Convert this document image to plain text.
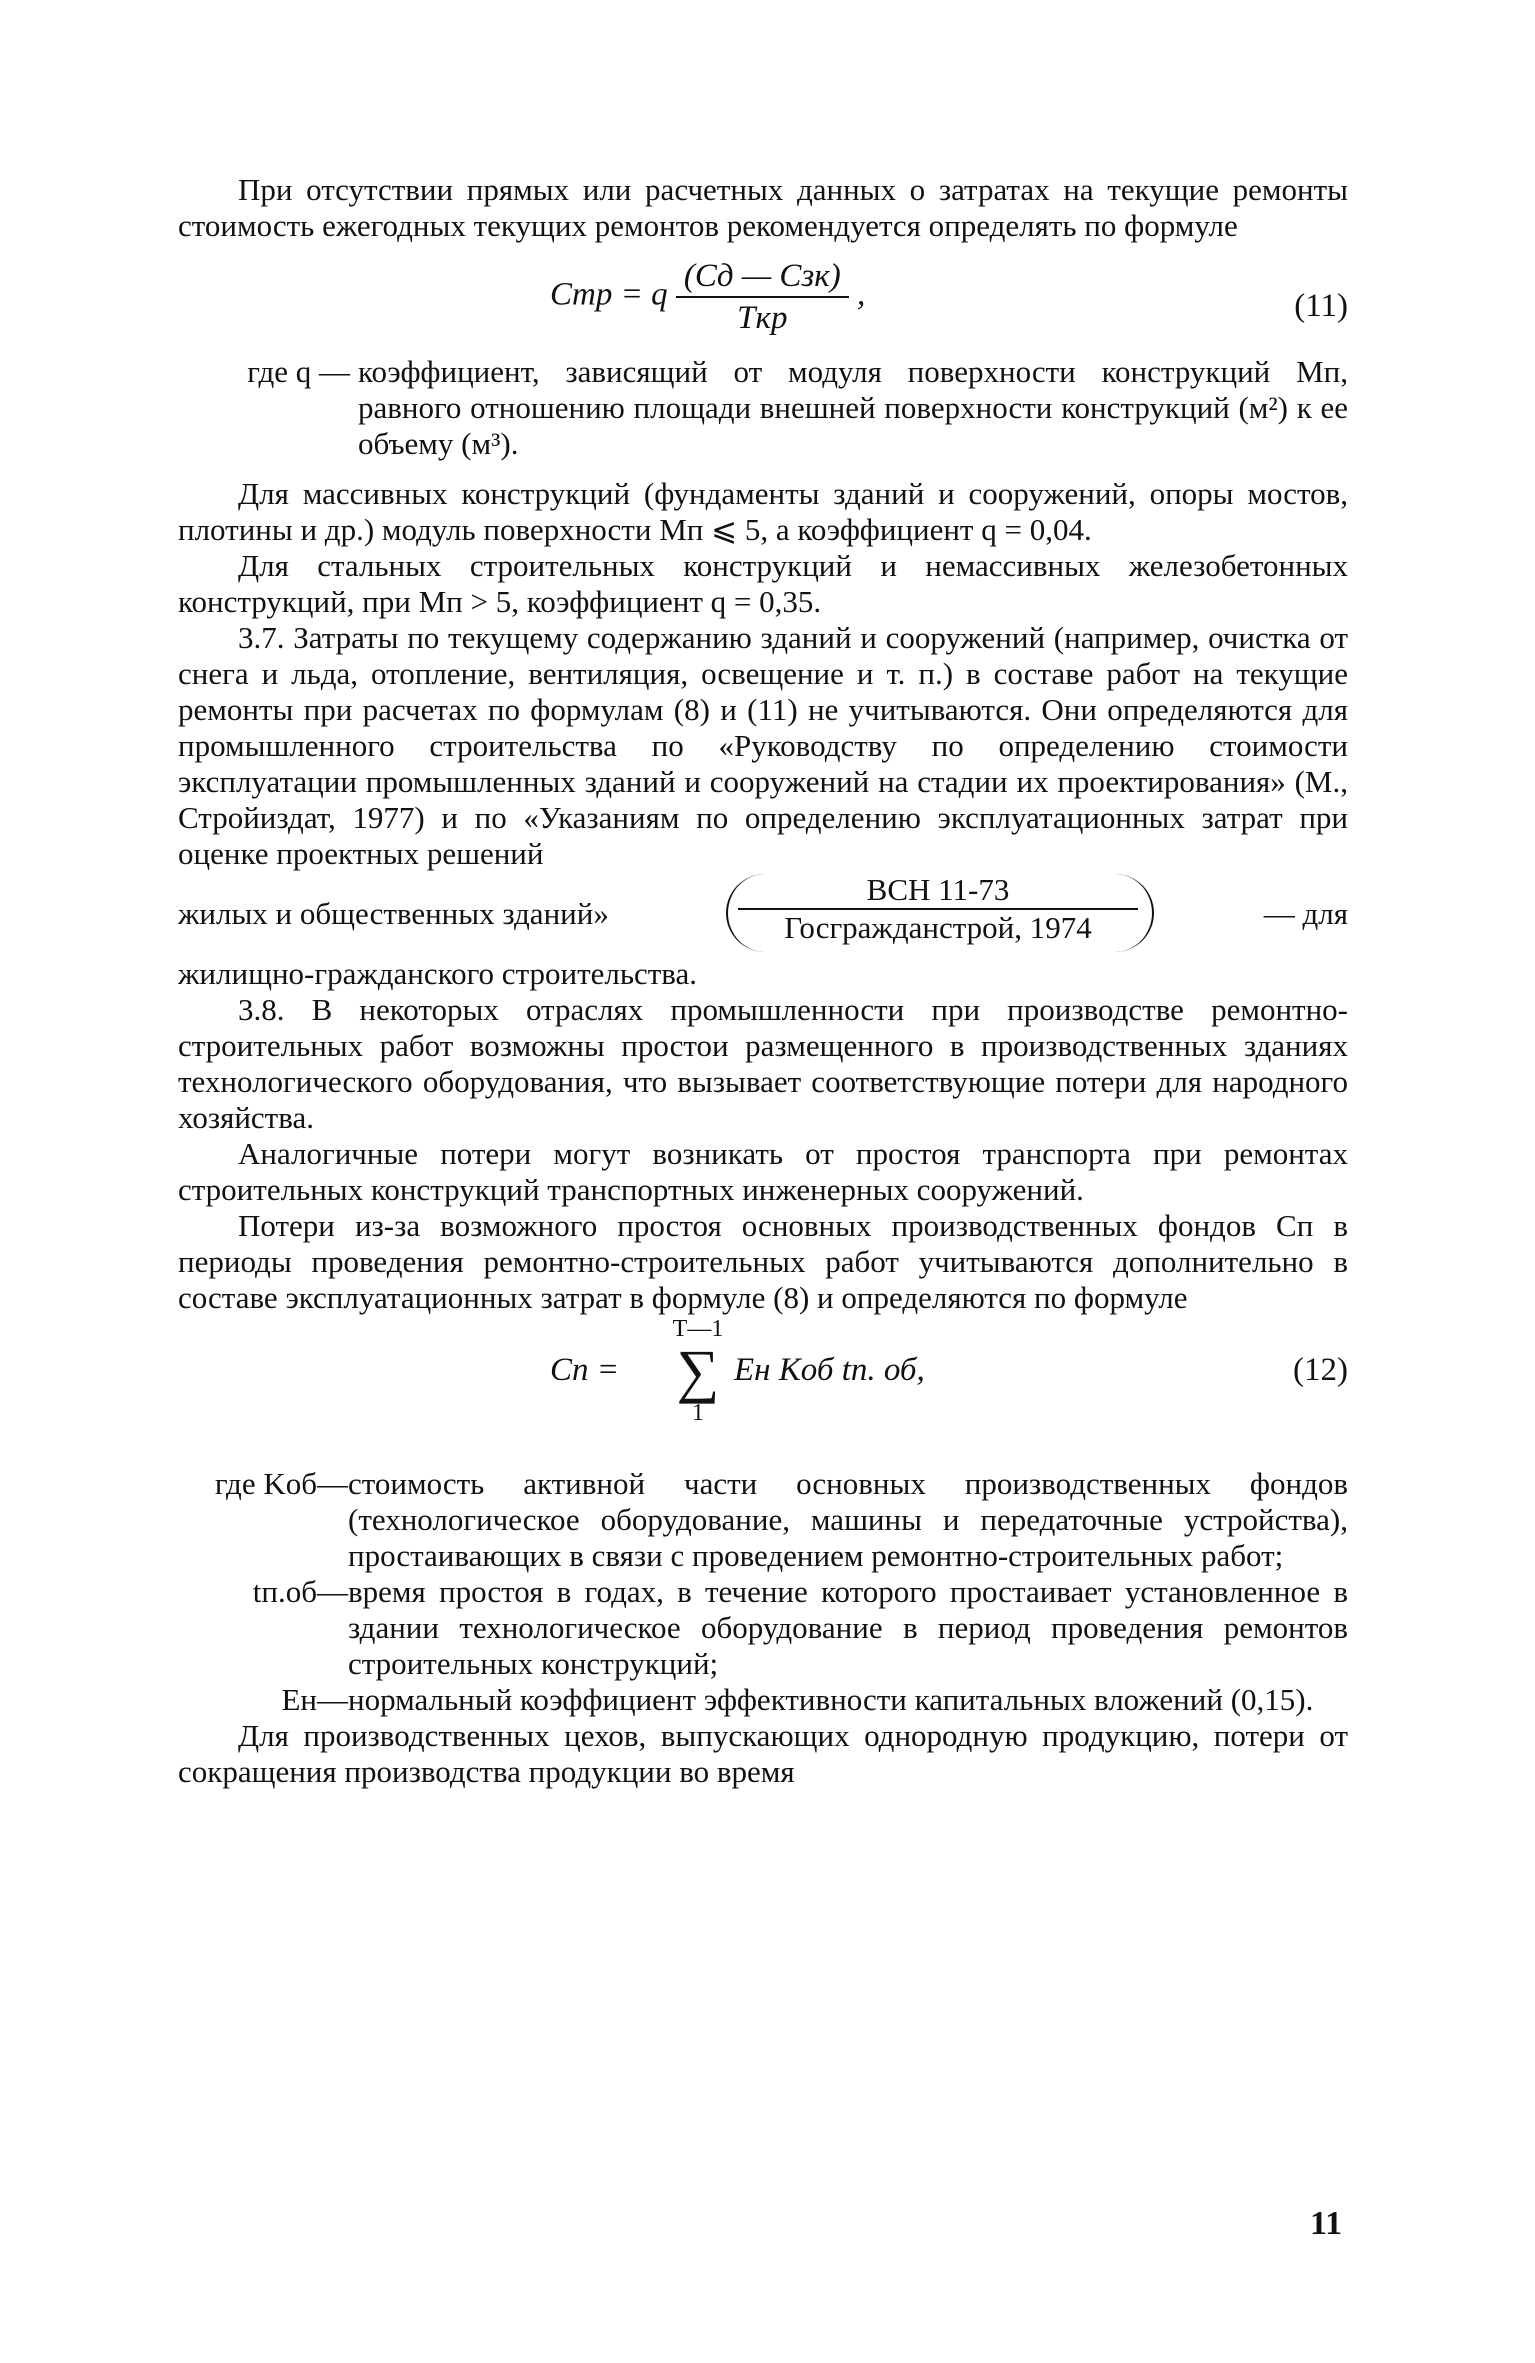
При отсутствии прямых или расчетных данных о затратах на текущие ремонты стоимость ежегодных текущих ремонтов рекомендуется определять по формуле

Cтр = q $\frac{\text{(Cд — Cзк)}}{\text{Tкр}}$ ,	(11)
где q — коэффициент, зависящий от модуля поверхности конструкций Mп, равного отношению площади внешней поверхности конструкций (м²) к ее объему (м³).

Для массивных конструкций (фундаменты зданий и сооружений, опоры мостов, плотины и др.) модуль поверхности Mп ⩽ 5, а коэффициент q = 0,04.

Для стальных строительных конструкций и немассивных железобетонных конструкций, при Mп > 5, коэффициент q = 0,35.

3.7. Затраты по текущему содержанию зданий и сооружений (например, очистка от снега и льда, отопление, вентиляция, освещение и т. п.) в составе работ на текущие ремонты при расчетах по формулам (8) и (11) не учитываются. Они определяются для промышленного строительства по «Руководству по определению стоимости эксплуатации промышленных зданий и сооружений на стадии их проектирования» (М., Стройиздат, 1977) и по «Указаниям по определению эксплуатационных затрат при оценке проектных решений

жилых и общественных зданий»
ВСН 11-73
Госгражданстрой, 1974	— для

жилищно-гражданского строительства.

3.8. В некоторых отраслях промышленности при производстве ремонтно-строительных работ возможны простои размещенного в производственных зданиях технологического оборудования, что вызывает соответствующие потери для народного хозяйства.

Аналогичные потери могут возникать от простоя транспорта при ремонтах строительных конструкций транспортных инженерных сооружений.

Потери из-за возможного простоя основных производственных фондов Cп в периоды проведения ремонтно-строительных работ учитываются дополнительно в составе эксплуатационных затрат в формуле (8) и определяются по формуле

Cп =
T—1
∑
1
Eн Kоб tп. об,	(12)
где Kоб— стоимость активной части основных производственных фондов (технологическое оборудование, машины и передаточные устройства), простаивающих в связи с проведением ремонтно-строительных работ;
tп.об— время простоя в годах, в течение которого простаивает установленное в здании технологическое оборудование в период проведения ремонтов строительных конструкций;
Eн— нормальный коэффициент эффективности капитальных вложений (0,15).

Для производственных цехов, выпускающих однородную продукцию, потери от сокращения производства продукции во время

11
